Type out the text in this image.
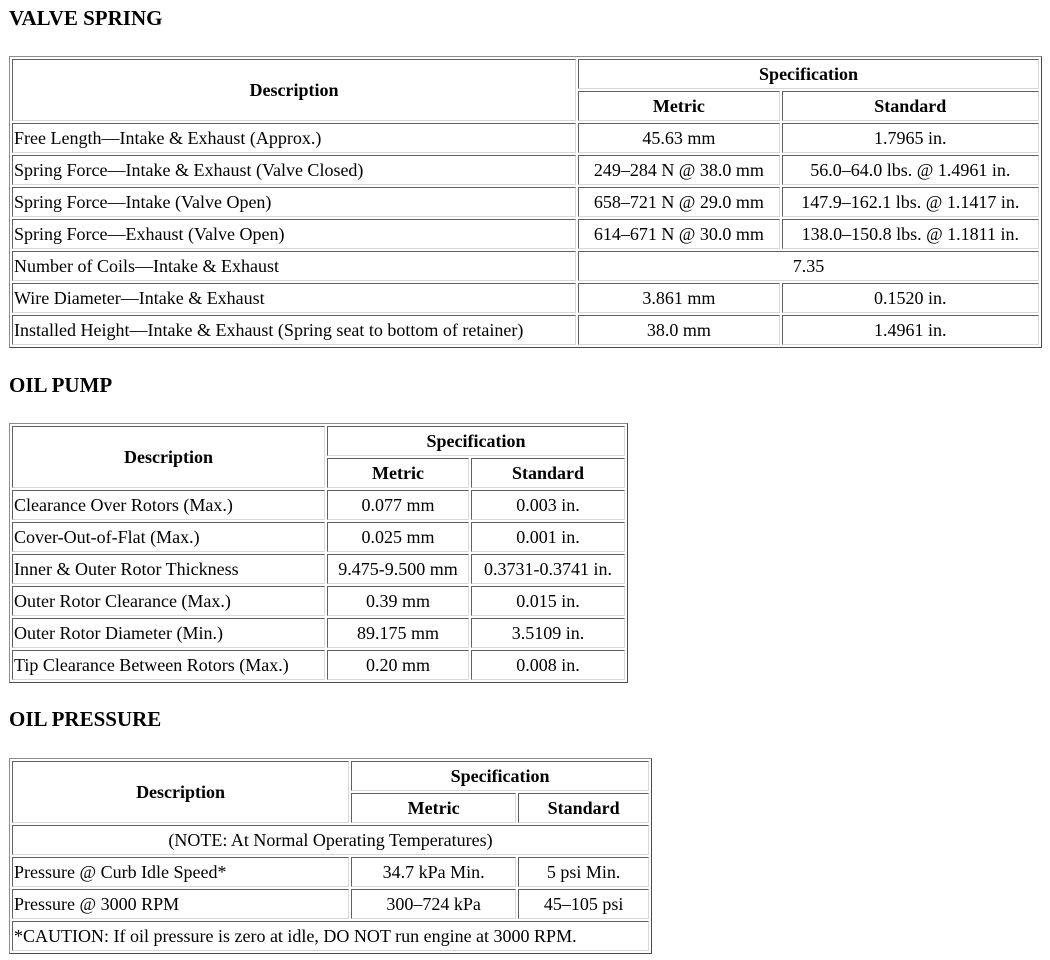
VALVE SPRING
Description	Specification	
	Metric	Standard
Free Length—Intake & Exhaust (Approx.)	45.63 mm	1.7965 in.
Spring Force—Intake & Exhaust (Valve Closed)	249–284 N @ 38.0 mm	56.0–64.0 lbs. @ 1.4961 in.
Spring Force—Intake (Valve Open)	658–721 N @ 29.0 mm	147.9–162.1 lbs. @ 1.1417 in.
Spring Force—Exhaust (Valve Open)	614–671 N @ 30.0 mm	138.0–150.8 lbs. @ 1.1811 in.
Number of Coils—Intake & Exhaust	7.35	
Wire Diameter—Intake & Exhaust	3.861 mm	0.1520 in.
Installed Height—Intake & Exhaust (Spring seat to bottom of retainer)	38.0 mm	1.4961 in.
OIL PUMP
Description	Specification	
	Metric	Standard
Clearance Over Rotors (Max.)	0.077 mm	0.003 in.
Cover-Out-of-Flat (Max.)	0.025 mm	0.001 in.
Inner & Outer Rotor Thickness	9.475-9.500 mm	0.3731-0.3741 in.
Outer Rotor Clearance (Max.)	0.39 mm	0.015 in.
Outer Rotor Diameter (Min.)	89.175 mm	3.5109 in.
Tip Clearance Between Rotors (Max.)	0.20 mm	0.008 in.
OIL PRESSURE
Description	Specification	
	Metric	Standard
(NOTE: At Normal Operating Temperatures)		
Pressure @ Curb Idle Speed*	34.7 kPa Min.	5 psi Min.
Pressure @ 3000 RPM	300–724 kPa	45–105 psi
*CAUTION: If oil pressure is zero at idle, DO NOT run engine at 3000 RPM.		
